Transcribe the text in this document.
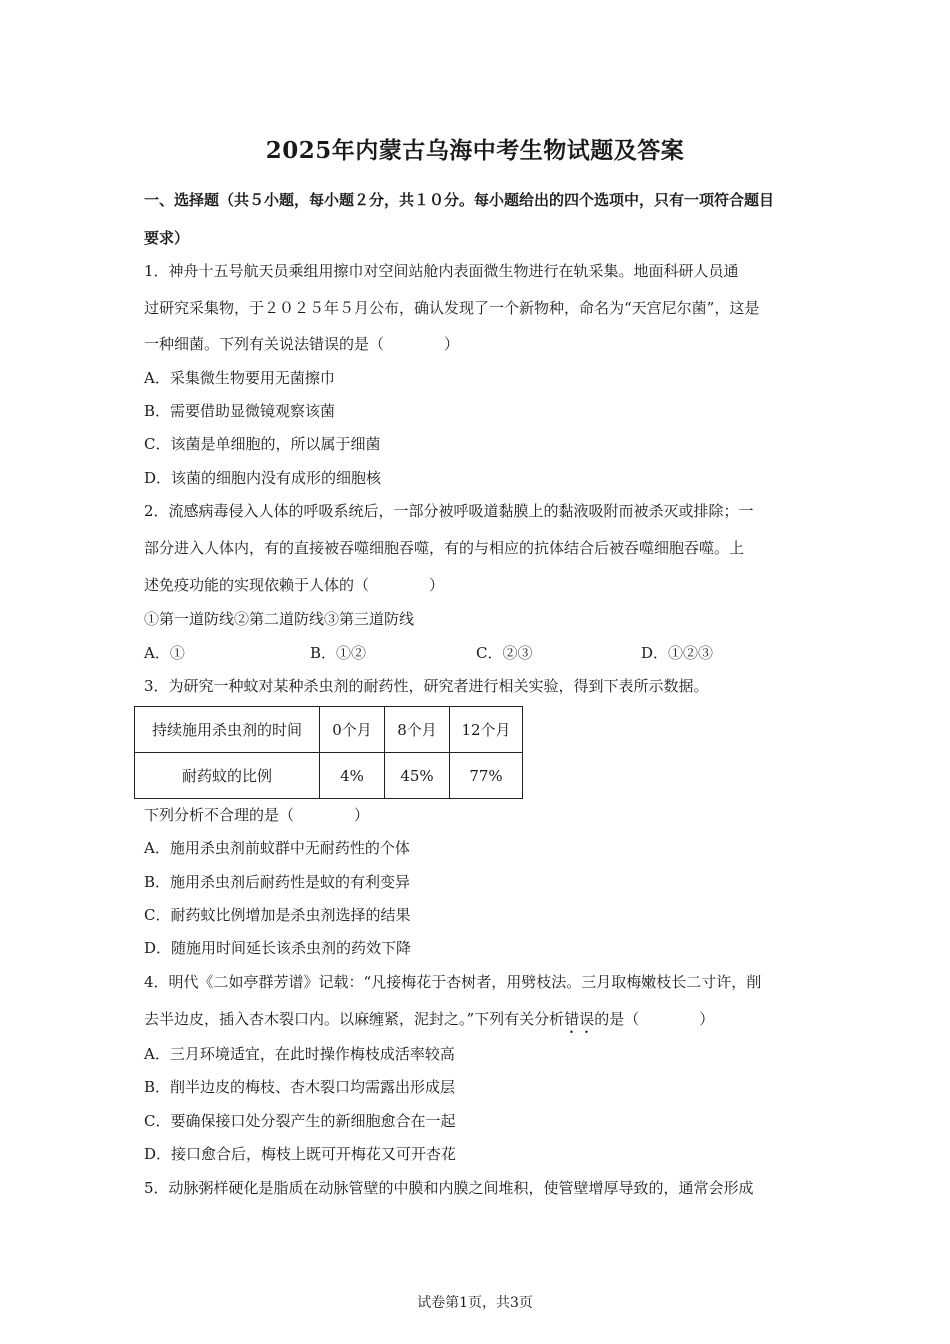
2025年内蒙古乌海中考生物试题及答案
一、选择题（共５小题，每小题２分，共１０分。每小题给出的四个选项中，只有一项符合题目
要求）
1．神舟十五号航天员乘组用擦巾对空间站舱内表面微生物进行在轨采集。地面科研人员通
过研究采集物，于２０２５年５月公布，确认发现了一个新物种，命名为“天宫尼尔菌”，这是
一种细菌。下列有关说法错误的是（　　　　）
A．采集微生物要用无菌擦巾
B．需要借助显微镜观察该菌
C．该菌是单细胞的，所以属于细菌
D．该菌的细胞内没有成形的细胞核
2．流感病毒侵入人体的呼吸系统后，一部分被呼吸道黏膜上的黏液吸附而被杀灭或排除；一
部分进入人体内，有的直接被吞噬细胞吞噬，有的与相应的抗体结合后被吞噬细胞吞噬。上
述免疫功能的实现依赖于人体的（　　　　）
①第一道防线②第二道防线③第三道防线
A．①	B．①②	C．②③	D．①②③
3．为研究一种蚊对某种杀虫剂的耐药性，研究者进行相关实验，得到下表所示数据。
持续施用杀虫剂的时间	0个月	8个月	12个月
耐药蚊的比例	4%	45%	77%
下列分析不合理的是（　　　　）
A．施用杀虫剂前蚊群中无耐药性的个体
B．施用杀虫剂后耐药性是蚊的有利变异
C．耐药蚊比例增加是杀虫剂选择的结果
D．随施用时间延长该杀虫剂的药效下降
4．明代《二如亭群芳谱》记载：“凡接梅花于杏树者，用劈枝法。三月取梅嫩枝长二寸许，削
去半边皮，插入杏木裂口内。以麻缠紧，泥封之。”下列有关分析错误的是（　　　　）
A．三月环境适宜，在此时操作梅枝成活率较高
B．削半边皮的梅枝、杏木裂口均需露出形成层
C．要确保接口处分裂产生的新细胞愈合在一起
D．接口愈合后，梅枝上既可开梅花又可开杏花
5．动脉粥样硬化是脂质在动脉管壁的中膜和内膜之间堆积，使管壁增厚导致的，通常会形成
试卷第1页，共3页
